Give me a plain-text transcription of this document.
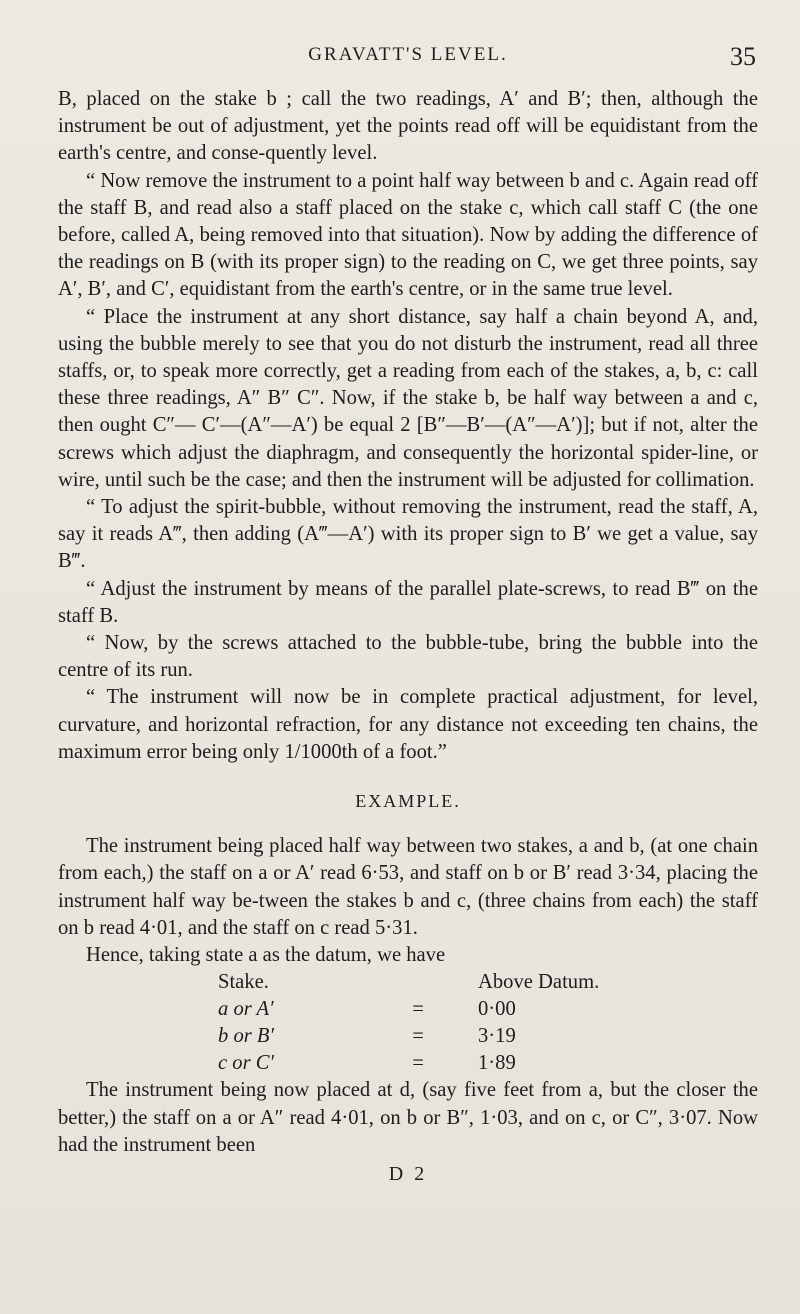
GRAVATT'S LEVEL.	35

B, placed on the stake b ; call the two readings, A′ and B′; then, although the instrument be out of adjustment, yet the points read off will be equidistant from the earth's centre, and conse-quently level.

“ Now remove the instrument to a point half way between b and c. Again read off the staff B, and read also a staff placed on the stake c, which call staff C (the one before, called A, being removed into that situation). Now by adding the difference of the readings on B (with its proper sign) to the reading on C, we get three points, say A′, B′, and C′, equidistant from the earth's centre, or in the same true level.

“ Place the instrument at any short distance, say half a chain beyond A, and, using the bubble merely to see that you do not disturb the instrument, read all three staffs, or, to speak more correctly, get a reading from each of the stakes, a, b, c: call these three readings, A″ B″ C″. Now, if the stake b, be half way between a and c, then ought C″— C′—(A″—A′) be equal 2 [B″—B′—(A″—A′)]; but if not, alter the screws which adjust the diaphragm, and consequently the horizontal spider-line, or wire, until such be the case; and then the instrument will be adjusted for collimation.

“ To adjust the spirit-bubble, without removing the instrument, read the staff, A, say it reads A‴, then adding (A‴—A′) with its proper sign to B′ we get a value, say B‴.

“ Adjust the instrument by means of the parallel plate-screws, to read B‴ on the staff B.

“ Now, by the screws attached to the bubble-tube, bring the bubble into the centre of its run.

“ The instrument will now be in complete practical adjustment, for level, curvature, and horizontal refraction, for any distance not exceeding ten chains, the maximum error being only 1/1000th of a foot.”

EXAMPLE.

The instrument being placed half way between two stakes, a and b, (at one chain from each,) the staff on a or A′ read 6·53, and staff on b or B′ read 3·34, placing the instrument half way be-tween the stakes b and c, (three chains from each) the staff on b read 4·01, and the staff on c read 5·31.

Hence, taking state a as the datum, we have

Stake.		Above Datum.
a or A′	=	0·00
b or B′	=	3·19
c or C′	=	1·89

The instrument being now placed at d, (say five feet from a, but the closer the better,) the staff on a or A″ read 4·01, on b or B″, 1·03, and on c, or C″, 3·07. Now had the instrument been

D 2
